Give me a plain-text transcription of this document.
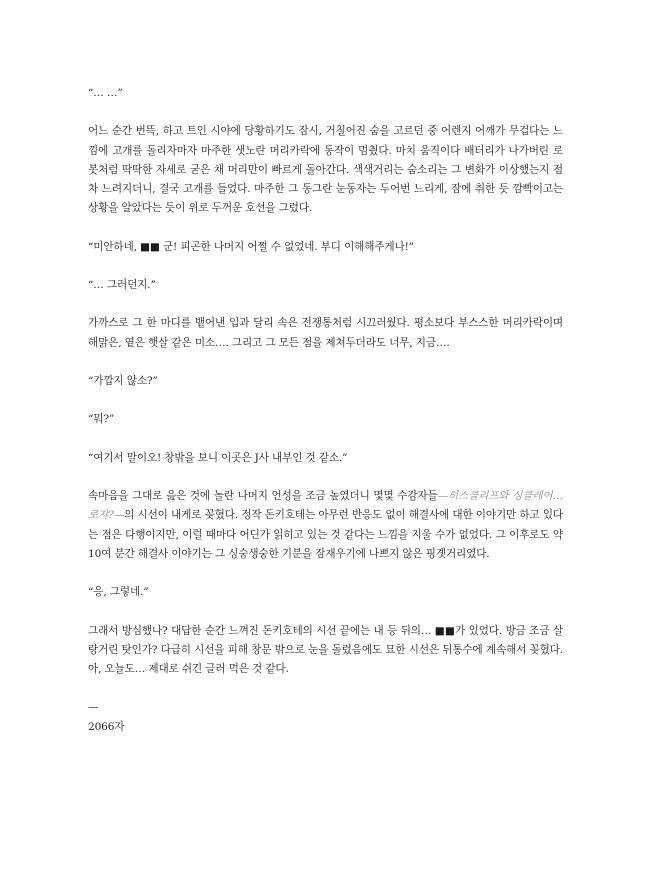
“… …”

어느 순간 번뜩, 하고 트인 시야에 당황하기도 잠시, 거칠어진 숨을 고르던 중 어렌지 어깨가 무겁다는 느낌에 고개를 돌리자마자 마주한 샛노란 머리카락에 동작이 멈췄다. 마치 움직이다 배터리가 나가버린 로봇처럼 딱딱한 자세로 굳은 채 머리만이 빠르게 돌아간다. 색색거리는 숨소리는 그 변화가 이상했는지 점차 느려지더니, 결국 고개를 들었다. 마주한 그 동그란 눈동자는 두어번 느리게, 잠에 취한 듯 깜빡이고는 상황을 알았다는 듯이 위로 두꺼운 호선을 그렸다.

“미안하네, ■■ 군! 피곤한 나머지 어쩔 수 없었네. 부디 이해해주게나!”

“… 그러던지.”

가까스로 그 한 마디를 뱉어낸 입과 달리 속은 전쟁통처럼 시끄러웠다. 평소보다 부스스한 머리카락이며 해맑은, 옅은 햇살 같은 미소…. 그리고 그 모든 점을 제쳐두더라도 너무, 지금….

“가깝지 않소?”

“뭐?”

“여기서 말이오! 창밖을 보니 이곳은 J사 내부인 것 같소.”

속마음을 그대로 읊은 것에 놀란 나머지 언성을 조금 높였더니 몇몇 수감자들—히스클리프와 싱클레어… 로쟈?—의 시선이 내게로 꽂혔다. 정작 돈키호테는 아무런 반응도 없이 해결사에 대한 이야기만 하고 있다는 점은 다행이지만, 이럴 때마다 어딘가 읽히고 있는 것 같다는 느낌을 지울 수가 없었다. 그 이후로도 약 10여 분간 해결사 이야기는 그 싱숭생숭한 기분을 잠재우기에 나쁘지 않은 핑곗거리였다.

“응, 그렇네.”

그래서 방심했나? 대답한 순간 느껴진 돈키호테의 시선 끝에는 내 등 뒤의… ■■가 있었다. 방금 조금 살랑거린 탓인가? 다급히 시선을 피해 창문 밖으로 눈을 돌렸음에도 묘한 시선은 뒤통수에 계속해서 꽂혔다. 아, 오늘도… 제대로 쉬긴 글러 먹은 것 같다.

—

2066자
